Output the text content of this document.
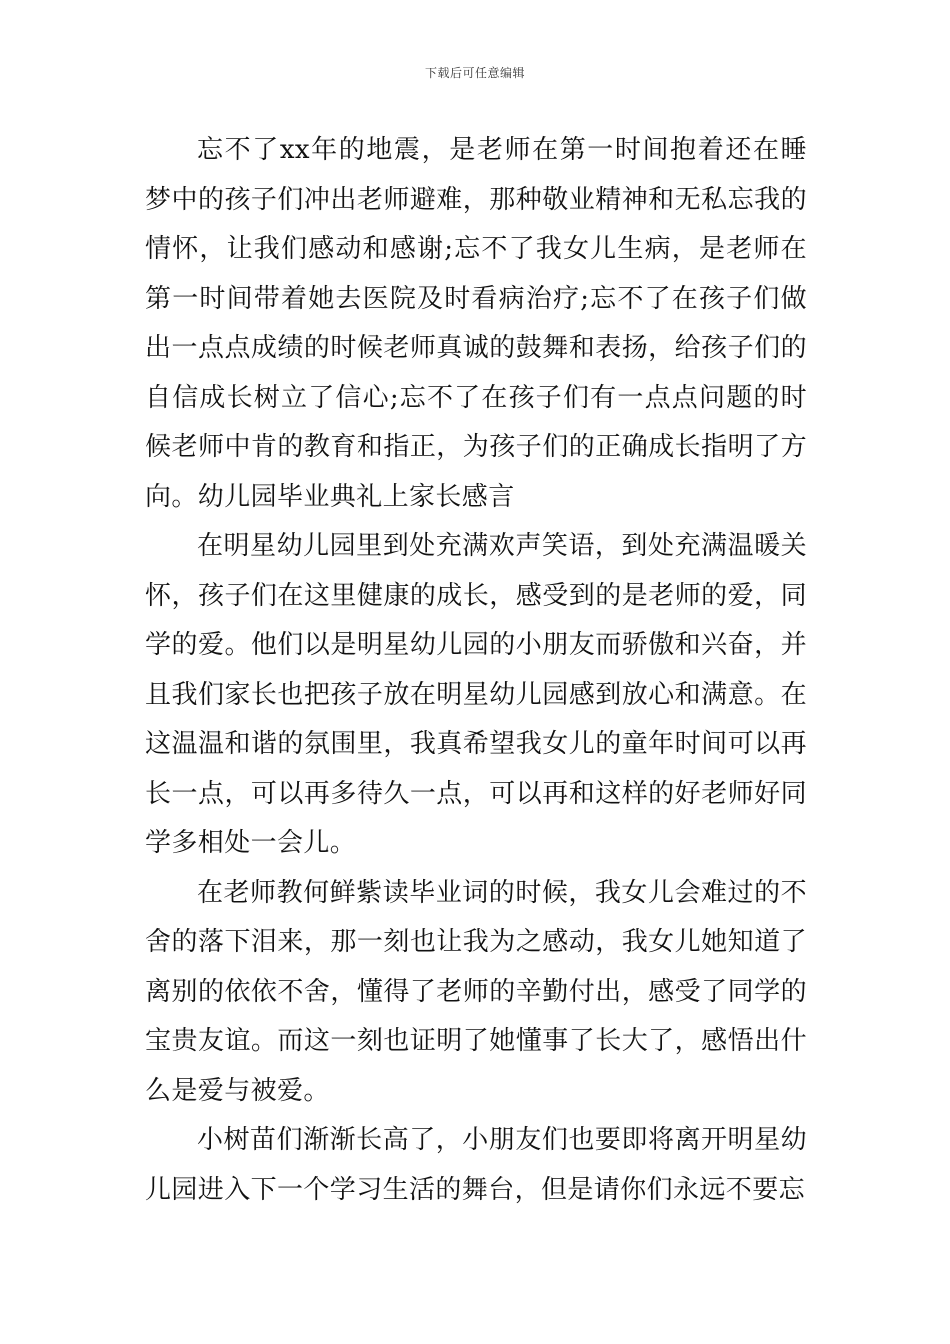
下载后可任意编辑

忘不了xx年的地震，是老师在第一时间抱着还在睡梦中的孩子们冲出老师避难，那种敬业精神和无私忘我的情怀，让我们感动和感谢;忘不了我女儿生病，是老师在第一时间带着她去医院及时看病治疗;忘不了在孩子们做出一点点成绩的时候老师真诚的鼓舞和表扬，给孩子们的自信成长树立了信心;忘不了在孩子们有一点点问题的时候老师中肯的教育和指正，为孩子们的正确成长指明了方向。幼儿园毕业典礼上家长感言

在明星幼儿园里到处充满欢声笑语，到处充满温暖关怀，孩子们在这里健康的成长，感受到的是老师的爱，同学的爱。他们以是明星幼儿园的小朋友而骄傲和兴奋，并且我们家长也把孩子放在明星幼儿园感到放心和满意。在这温温和谐的氛围里，我真希望我女儿的童年时间可以再长一点，可以再多待久一点，可以再和这样的好老师好同学多相处一会儿。

在老师教何鲜紫读毕业词的时候，我女儿会难过的不舍的落下泪来，那一刻也让我为之感动，我女儿她知道了离别的依依不舍，懂得了老师的辛勤付出，感受了同学的宝贵友谊。而这一刻也证明了她懂事了长大了，感悟出什么是爱与被爱。

小树苗们渐渐长高了，小朋友们也要即将离开明星幼儿园进入下一个学习生活的舞台，但是请你们永远不要忘
